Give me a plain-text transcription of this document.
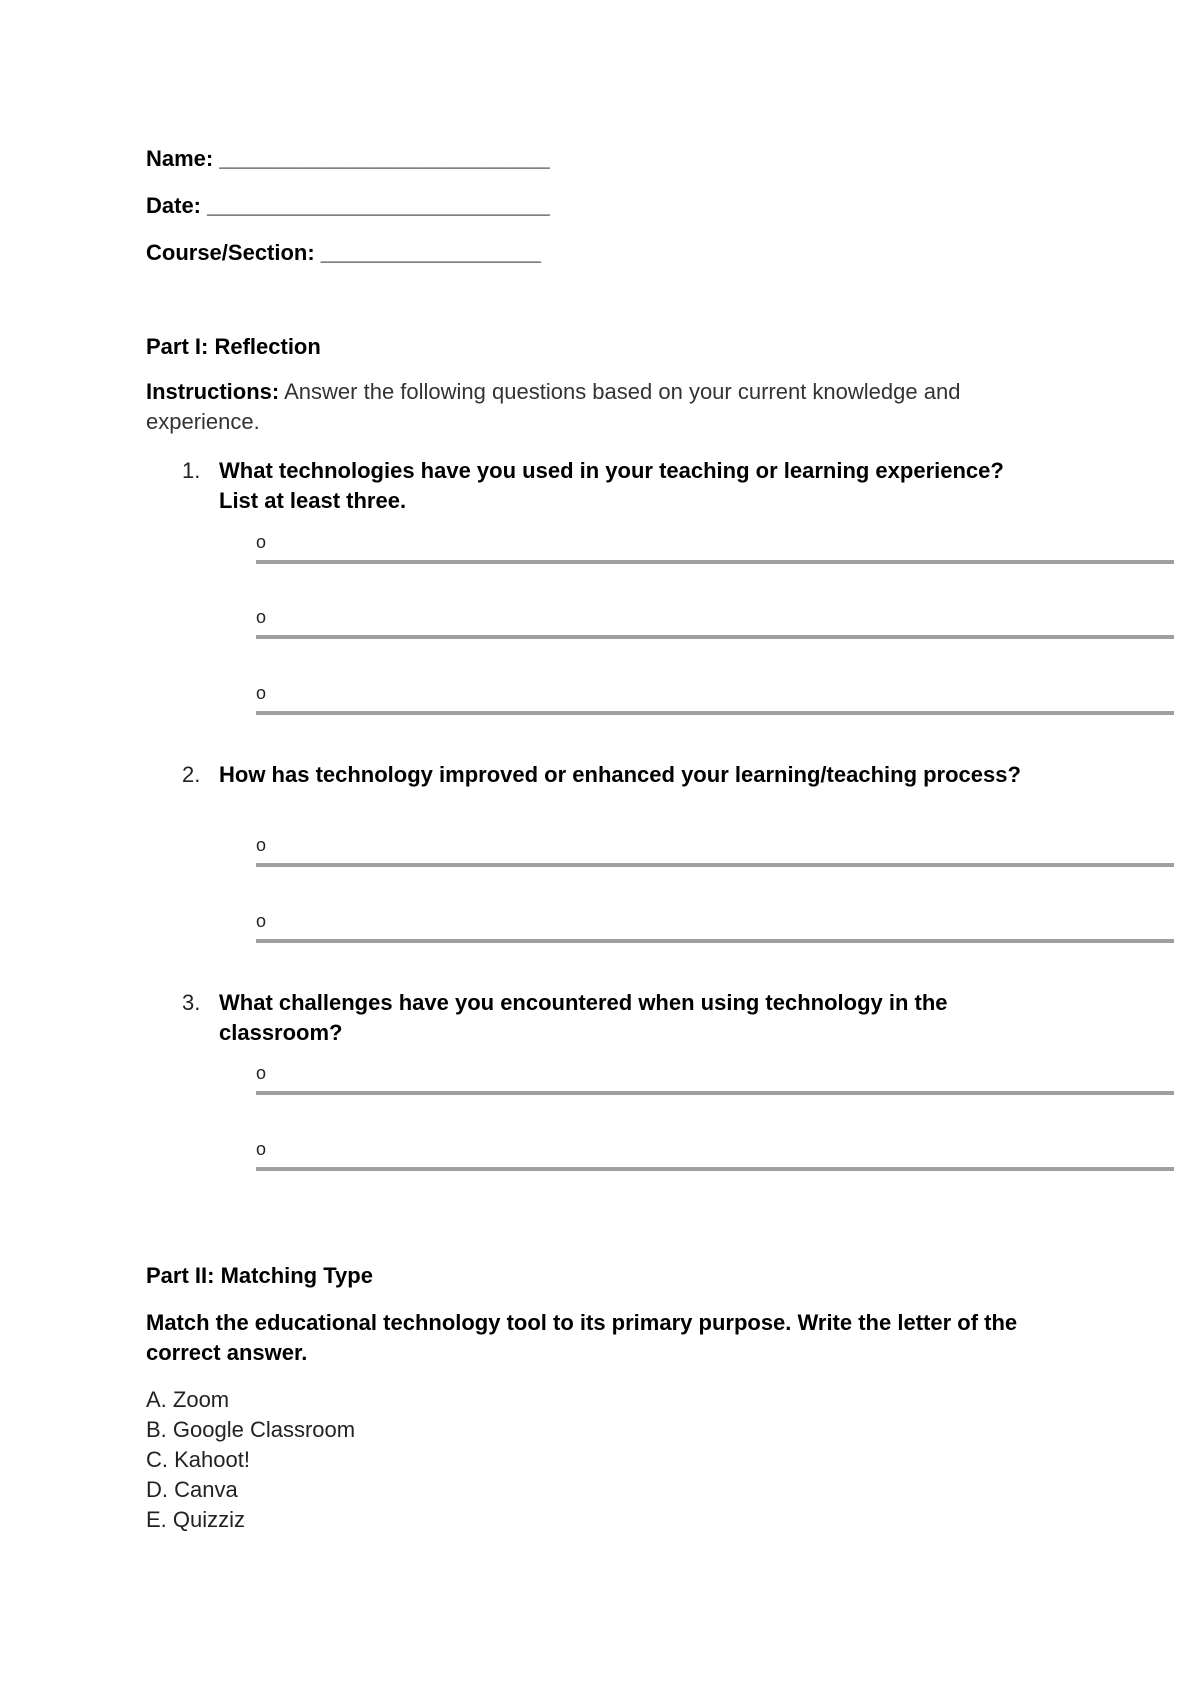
Name: ___________________________
Date: ____________________________
Course/Section: __________________
Part I: Reflection
Instructions: Answer the following questions based on your current knowledge and experience.
1. What technologies have you used in your teaching or learning experience? List at least three.
o
o
o
2. How has technology improved or enhanced your learning/teaching process?
o
o
3. What challenges have you encountered when using technology in the classroom?
o
o
Part II: Matching Type
Match the educational technology tool to its primary purpose. Write the letter of the correct answer.
A. Zoom
B. Google Classroom
C. Kahoot!
D. Canva
E. Quizziz
